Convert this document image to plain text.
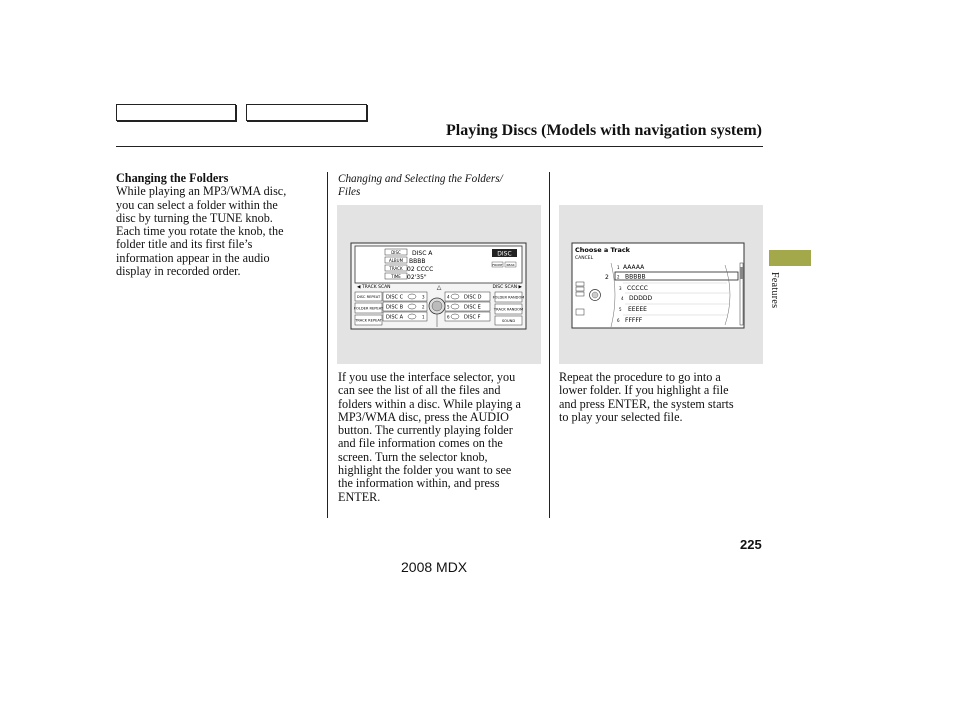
Playing Discs (Models with navigation system)
Changing the Folders
While playing an MP3/WMA disc,
you can select a folder within the
disc by turning the TUNE knob.
Each time you rotate the knob, the
folder title and its first file’s
information appear in the audio
display in recorded order.
Changing and Selecting the Folders/
Files
DISC DISC A
ALBUM BBBB
TRACK 02 CCCC
TIME 02'35"
DISC
FRONT REAR
◀ TRACK SCAN	DISC SCAN ▶
△
DISC REPEAT
FOLDER REPEAT
TRACK REPEAT
FOLDER RANDOM
TRACK RANDOM
SOUND
DISC C	3
DISC B	2
DISC A	1
4	DISC D
5	DISC E
6	DISC F
Choose a Track
CANCEL
2
1 AAAAA
2 BBBBB
3 CCCCC
4 DDDDD
5 EEEEE
6 FFFFF
If you use the interface selector, you
can see the list of all the files and
folders within a disc. While playing a
MP3/WMA disc, press the AUDIO
button. The currently playing folder
and file information comes on the
screen. Turn the selector knob,
highlight the folder you want to see
the information within, and press
ENTER.
Repeat the procedure to go into a
lower folder. If you highlight a file
and press ENTER, the system starts
to play your selected file.
Features
225
2008 MDX
